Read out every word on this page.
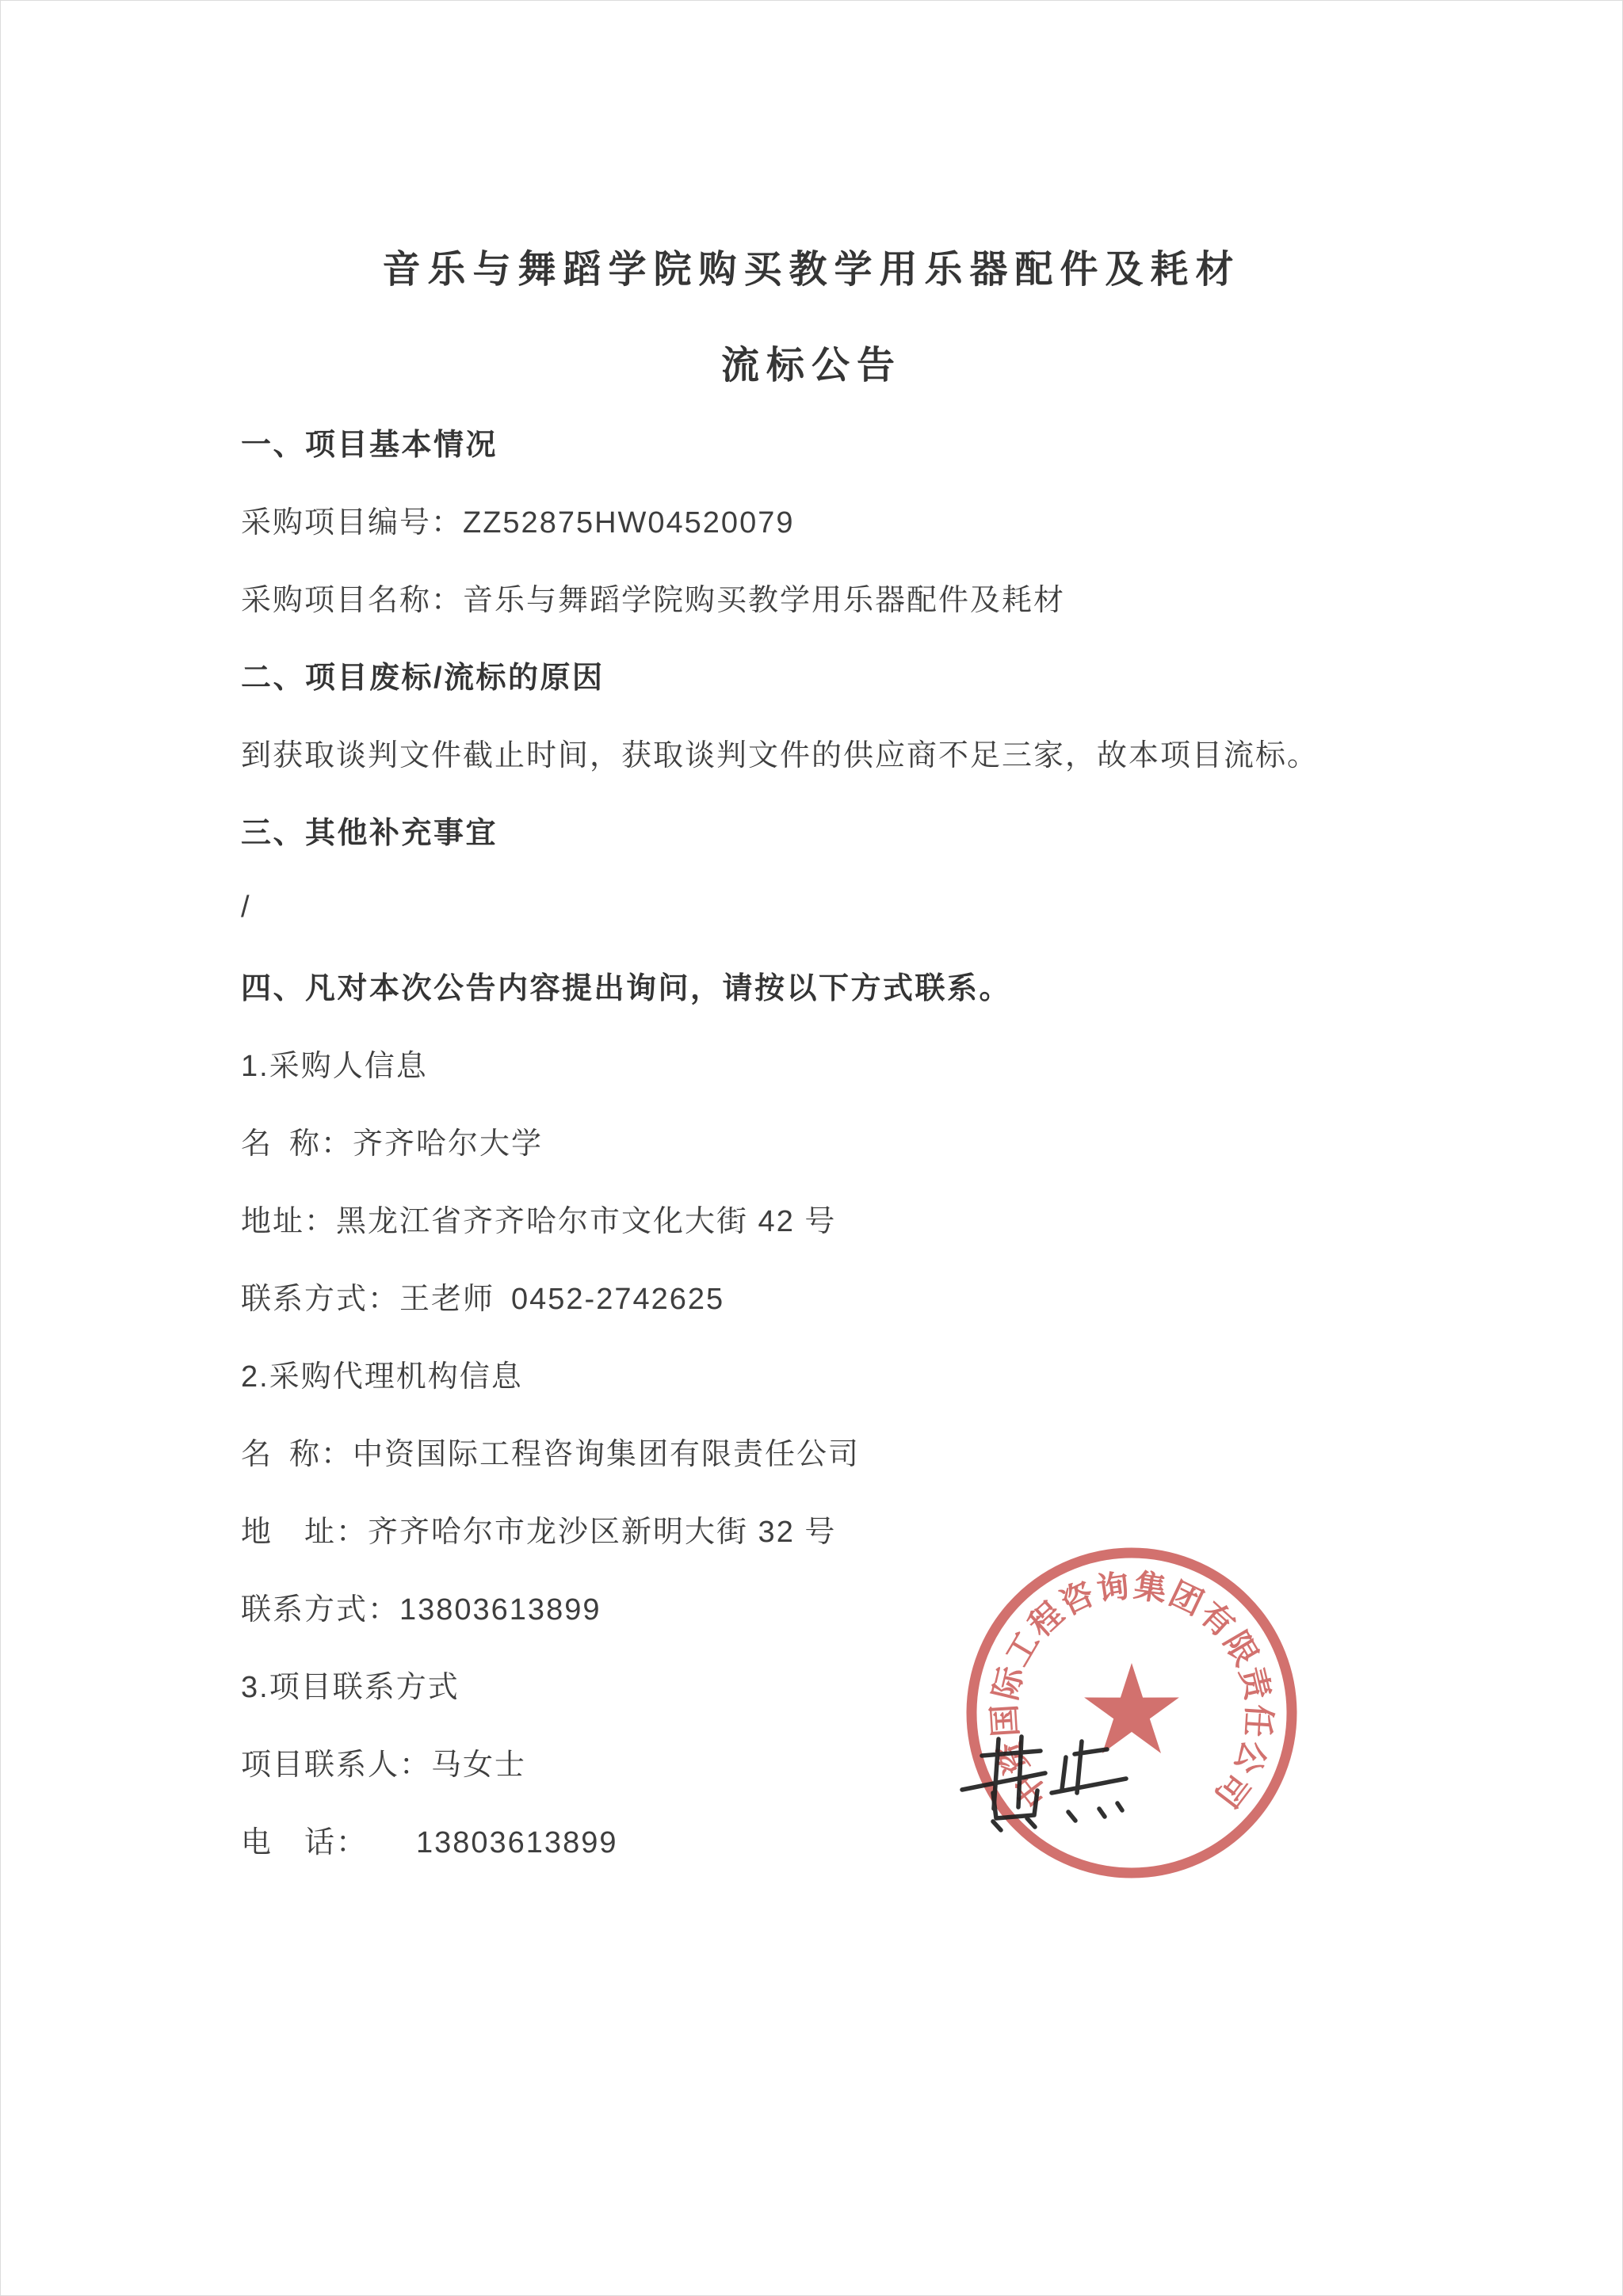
音乐与舞蹈学院购买教学用乐器配件及耗材
流标公告
一、项目基本情况
采购项目编号：ZZ52875HW04520079
采购项目名称：音乐与舞蹈学院购买教学用乐器配件及耗材
二、项目废标/流标的原因
到获取谈判文件截止时间，获取谈判文件的供应商不足三家，故本项目流标。
三、其他补充事宜
/
四、凡对本次公告内容提出询问，请按以下方式联系。
1.采购人信息
名 称：齐齐哈尔大学
地址：黑龙江省齐齐哈尔市文化大街 42 号
联系方式：王老师 0452-2742625
2.采购代理机构信息
名 称：中资国际工程咨询集团有限责任公司
地　址：齐齐哈尔市龙沙区新明大街 32 号
联系方式：13803613899
3.项目联系方式
项目联系人：马女士
电　话：　　13803613899
中
资
国
际
工
程
咨
询 集
团
有
限
责
任
公
司
